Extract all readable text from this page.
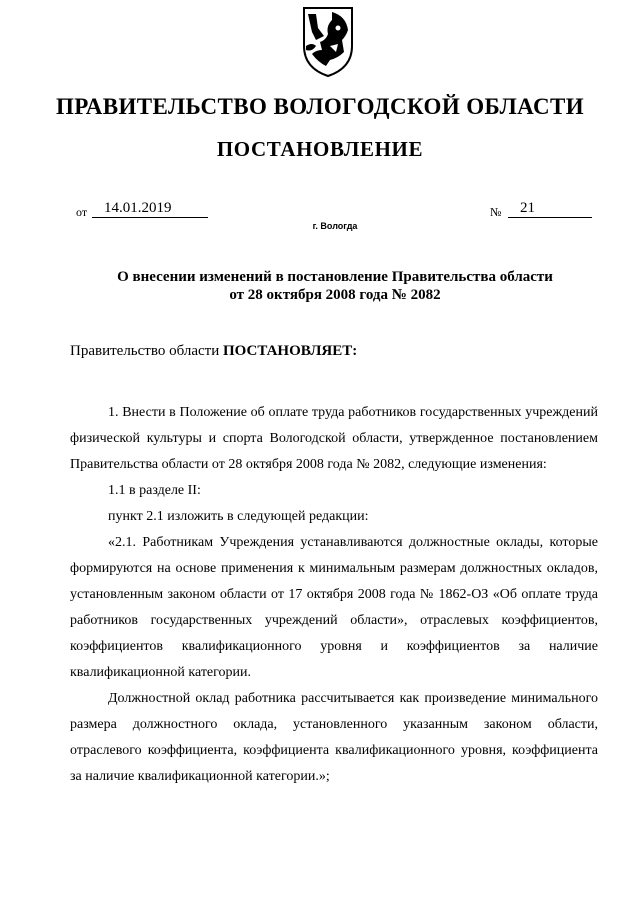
ПРАВИТЕЛЬСТВО ВОЛОГОДСКОЙ ОБЛАСТИ
ПОСТАНОВЛЕНИЕ
от	14.01.2019	№	21
г. Вологда
О внесении изменений в постановление Правительства области
от 28 октября 2008 года № 2082
Правительство области ПОСТАНОВЛЯЕТ:

1. Внести в Положение об оплате труда работников государственных учреждений физической культуры и спорта Вологодской области, утвержденное постановлением Правительства области от 28 октября 2008 года № 2082, следующие изменения:

1.1 в разделе II:

пункт 2.1 изложить в следующей редакции:

«2.1. Работникам Учреждения устанавливаются должностные оклады, которые формируются на основе применения к минимальным размерам должностных окладов, установленным законом области от 17 октября 2008 года № 1862-ОЗ «Об оплате труда работников государственных учреждений области», отраслевых коэффициентов, коэффициентов квалификационного уровня и коэффициентов за наличие квалификационной категории.

Должностной оклад работника рассчитывается как произведение минимального размера должностного оклада, установленного указанным законом области, отраслевого коэффициента, коэффициента квалификационного уровня, коэффициента за наличие квалификационной категории.»;
